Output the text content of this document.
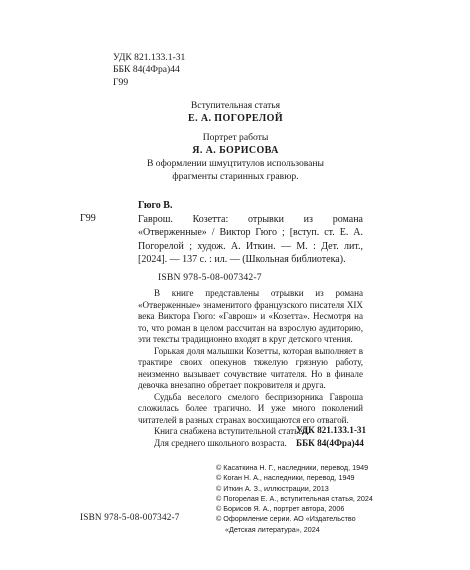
УДК 821.133.1-31
ББК 84(4Фра)44
Г99
Вступительная статья
Е. А. ПОГОРЕЛОЙ
Портрет работы
Я. А. БОРИСОВА
В оформлении шмуцтитулов использованы
фрагменты старинных гравюр.
Гюго В.
Г99	Гаврош. Козетта: отрывки из романа «Отверженные» / Виктор Гюго ; [вступ. ст. Е. А. Погорелой ; худож. А. Иткин. — М. : Дет. лит., [2024]. — 137 с. : ил. — (Школьная библиотека).
ISBN 978-5-08-007342-7

В книге представлены отрывки из романа «Отверженные» знаменитого французского писателя XIX века Виктора Гюго: «Гаврош» и «Козетта». Несмотря на то, что роман в целом рассчитан на взрослую аудиторию, эти тексты традиционно входят в круг детского чтения.

Горькая доля малышки Козетты, которая выполняет в трактире своих опекунов тяжелую грязную работу, неизменно вызывает сочувствие читателя. Но в финале девочка внезапно обретает покровителя и друга.

Судьба веселого смелого беспризорника Гавроша сложилась более трагично. И уже много поколений читателей в разных странах восхищаются его отвагой.

Книга снабжена вступительной статьей.

Для среднего школьного возраста.

УДК 821.133.1-31
ББК 84(4Фра)44
© Касаткина Н. Г., наследники, перевод, 1949
© Коган Н. А., наследники, перевод, 1949
© Иткин А. З., иллюстрации, 2013
© Погорелая Е. А., вступительная статья, 2024
© Борисов Я. А., портрет автора, 2006
© Оформление серии. АО «Издательство
«Детская литература», 2024
ISBN 978-5-08-007342-7
